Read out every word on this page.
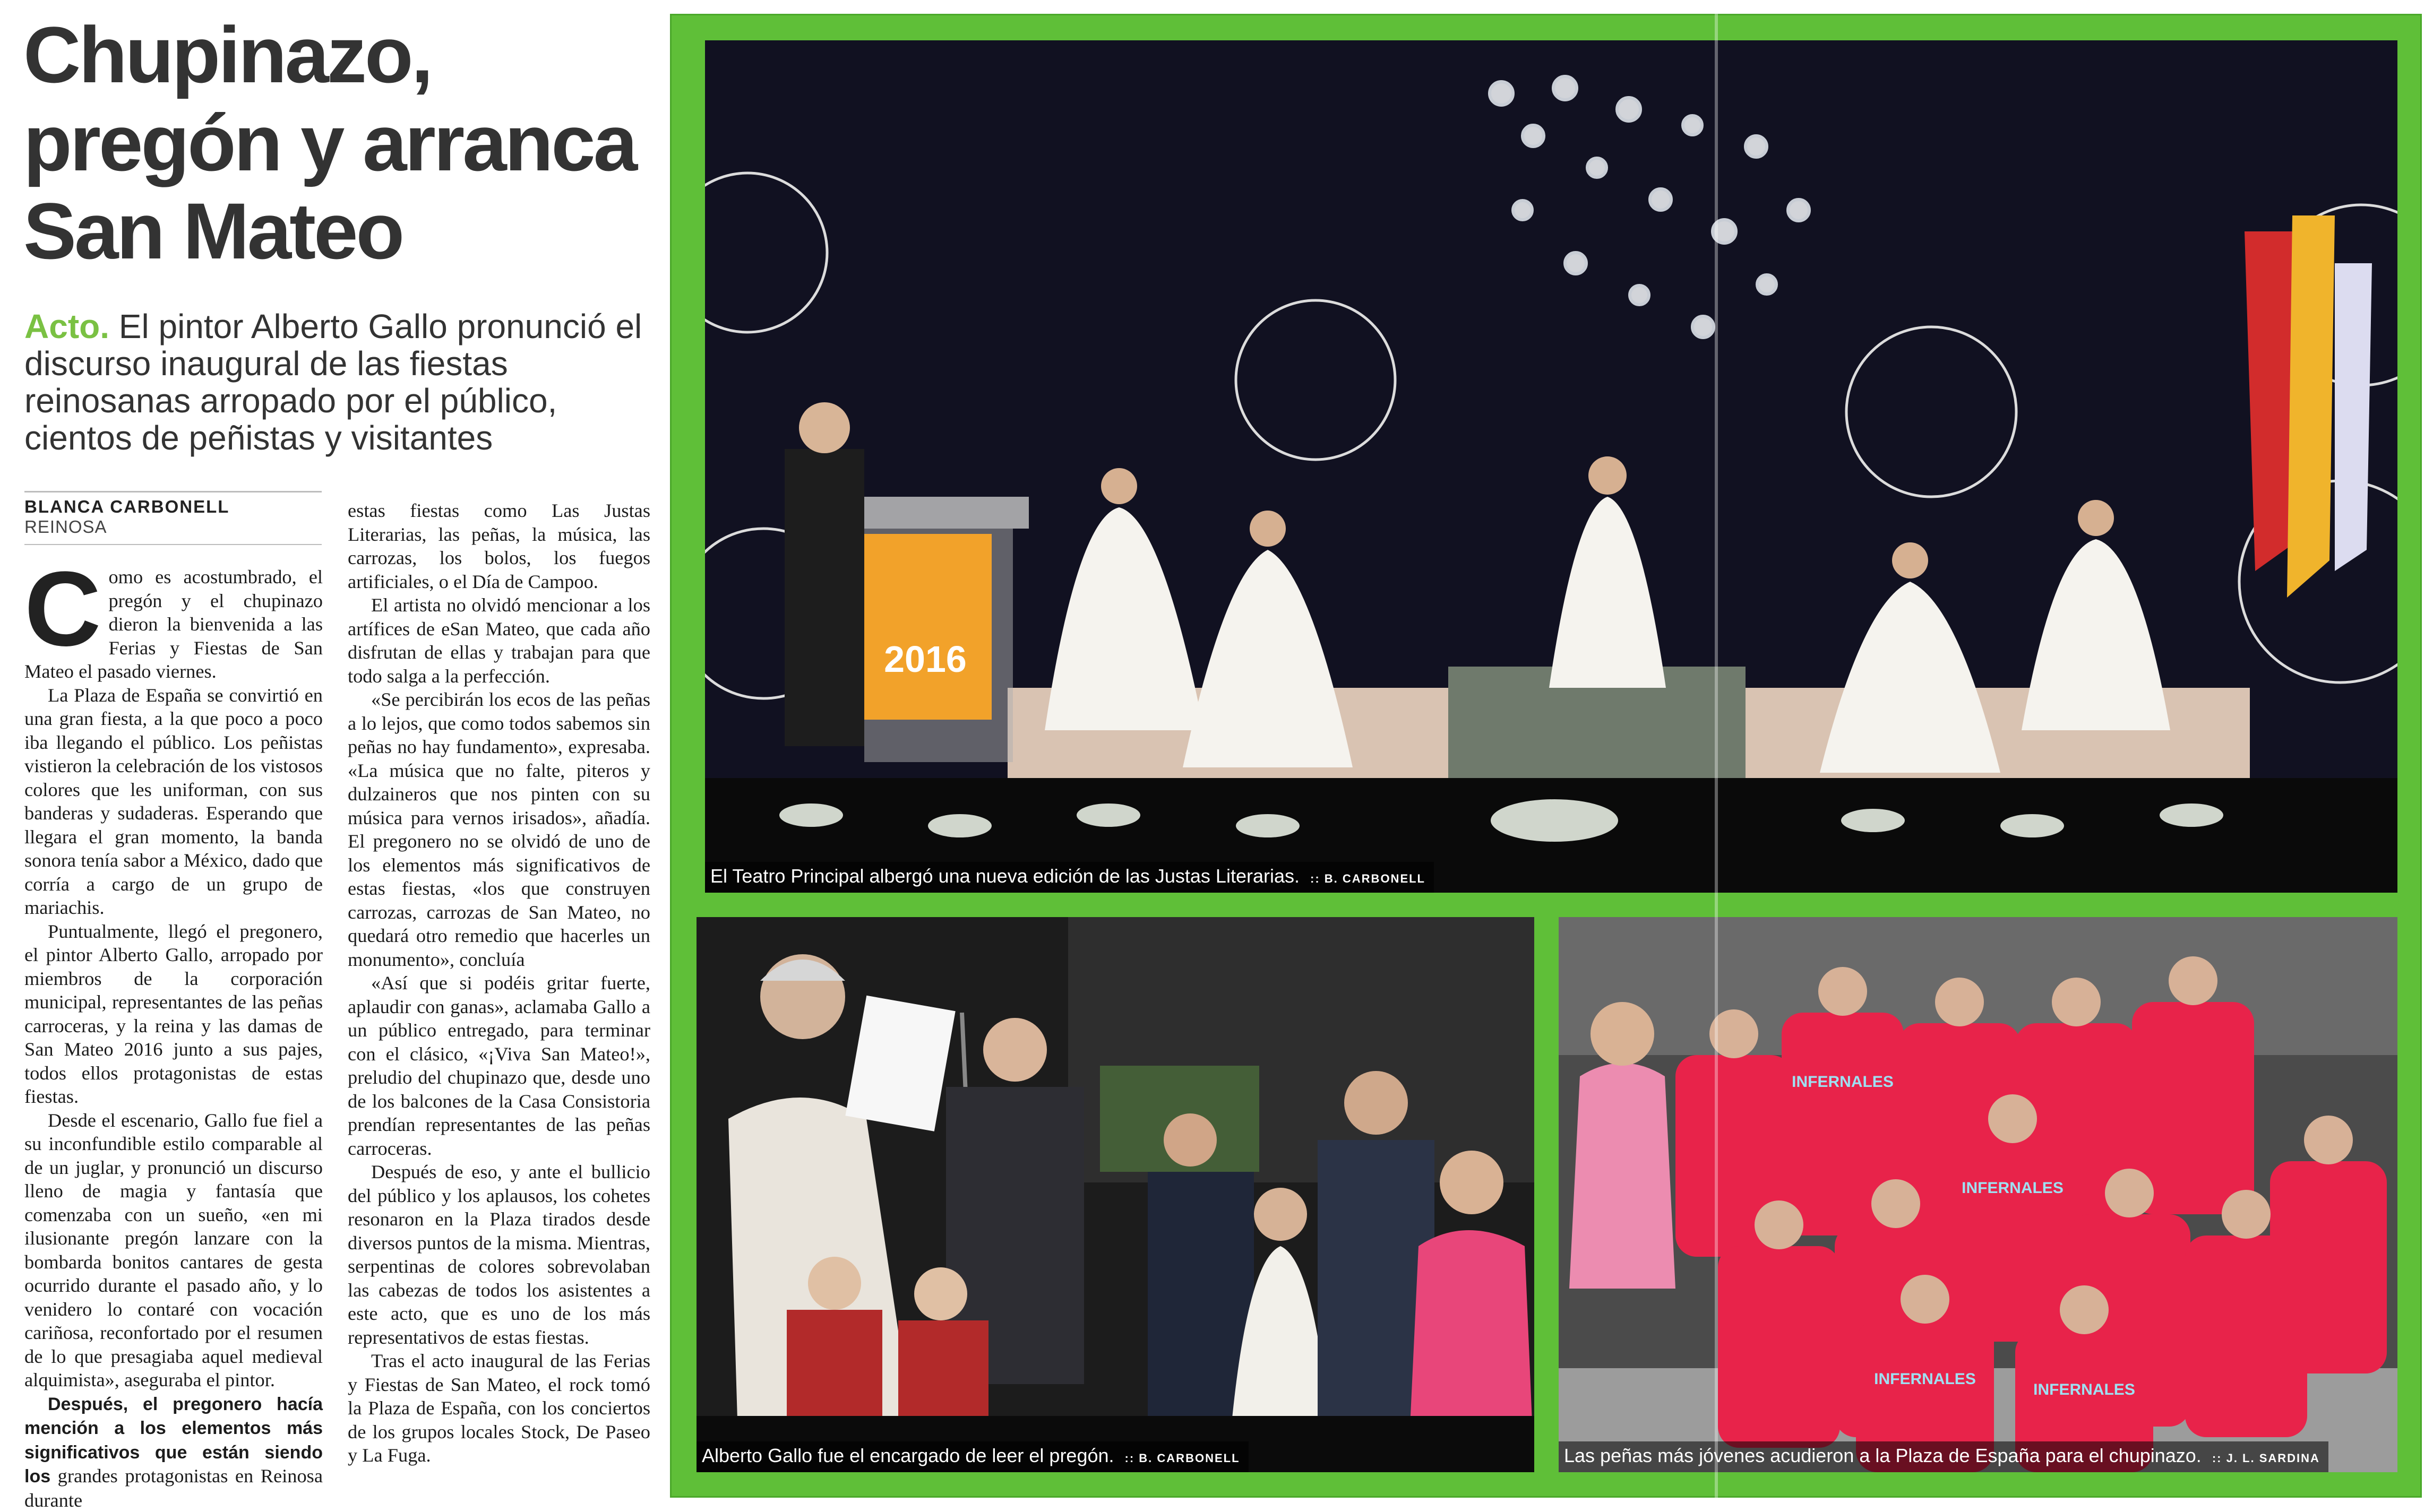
Chupinazo,
pregón y arranca
San Mateo

Acto. El pintor Alberto Gallo pronunció el discurso inaugural de las fiestas reinosanas arropado por el público, cientos de peñistas y visitantes

BLANCA CARBONELL
REINOSA
C omo es acostumbrado, el pregón y el chupinazo dieron la bienvenida a las Ferias y Fiestas de San Mateo el pasado viernes.

La Plaza de España se convirtió en una gran fiesta, a la que poco a poco iba llegando el público. Los peñistas vistieron la celebración de los vistosos colores que les uniforman, con sus banderas y sudaderas. Esperando que llegara el gran momento, la banda sonora tenía sabor a México, dado que corría a cargo de un grupo de mariachis.

Puntualmente, llegó el pregonero, el pintor Alberto Gallo, arropado por miembros de la corporación municipal, representantes de las peñas carroceras, y la reina y las damas de San Mateo 2016 junto a sus pajes, todos ellos protagonistas de estas fiestas.

Desde el escenario, Gallo fue fiel a su inconfundible estilo comparable al de un juglar, y pronunció un discurso lleno de magia y fantasía que comenzaba con un sueño, «en mi ilusionante pregón lanzare con la bombarda bonitos cantares de gesta ocurrido durante el pasado año, y lo venidero lo contaré con vocación cariñosa, reconfortado por el resumen de lo que presagiaba aquel medieval alquimista», aseguraba el pintor.

Después, el pregonero hacía mención a los elementos más significativos que están siendo los grandes protagonistas en Reinosa durante

estas fiestas como Las Justas Literarias, las peñas, la música, las carrozas, los bolos, los fuegos artificiales, o el Día de Campoo.

El artista no olvidó mencionar a los artífices de eSan Mateo, que cada año disfrutan de ellas y trabajan para que todo salga a la perfección.

«Se percibirán los ecos de las peñas a lo lejos, que como todos sabemos sin peñas no hay fundamento», expresaba. «La música que no falte, piteros y dulzaineros que nos pinten con su música para vernos irisados», añadía. El pregonero no se olvidó de uno de los elementos más significativos de estas fiestas, «los que construyen carrozas, carrozas de San Mateo, no quedará otro remedio que hacerles un monumento», concluía

«Así que si podéis gritar fuerte, aplaudir con ganas», aclamaba Gallo a un público entregado, para terminar con el clásico, «¡Viva San Mateo!», preludio del chupinazo que, desde uno de los balcones de la Casa Consistoria prendían representantes de las peñas carroceras.

Después de eso, y ante el bullicio del público y los aplausos, los cohetes resonaron en la Plaza tirados desde diversos puntos de la misma. Mientras, serpentinas de colores sobrevolaban las cabezas de todos los asistentes a este acto, que es uno de los más representativos de estas fiestas.

Tras el acto inaugural de las Ferias y Fiestas de San Mateo, el rock tomó la Plaza de España, con los conciertos de los grupos locales Stock, De Paseo y La Fuga.

2016
El Teatro Principal albergó una nueva edición de las Justas Literarias. :: B. CARBONELL
Alberto Gallo fue el encargado de leer el pregón. :: B. CARBONELL
INFERNALES
INFERNALES
INFERNALES
INFERNALES
Las peñas más jóvenes acudieron a la Plaza de España para el chupinazo. :: J. L. SARDINA
